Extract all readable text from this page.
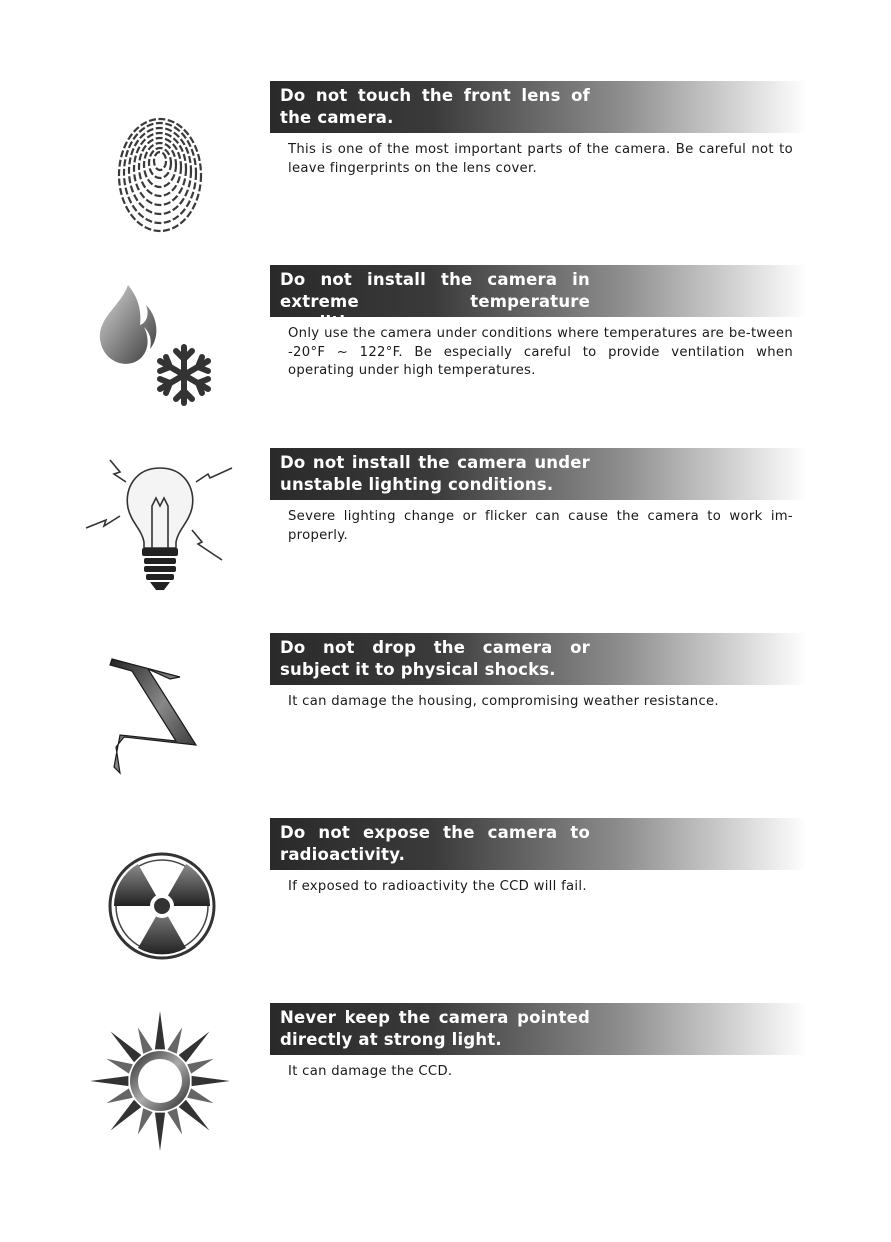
Do not touch the front lens of the camera.
This is one of the most important parts of the camera. Be careful not to leave fingerprints on the lens cover.
Do not install the camera in extreme temperature conditions.
Only use the camera under conditions where temperatures are be-tween -20°F ~ 122°F. Be especially careful to provide ventilation when operating under high temperatures.
Do not install the camera under unstable lighting conditions.
Severe lighting change or flicker can cause the camera to work im-properly.
Do not drop the camera or subject it to physical shocks.
It can damage the housing, compromising weather resistance.
Do not expose the camera to radioactivity.
If exposed to radioactivity the CCD will fail.
Never keep the camera pointed directly at strong light.
It can damage the CCD.
